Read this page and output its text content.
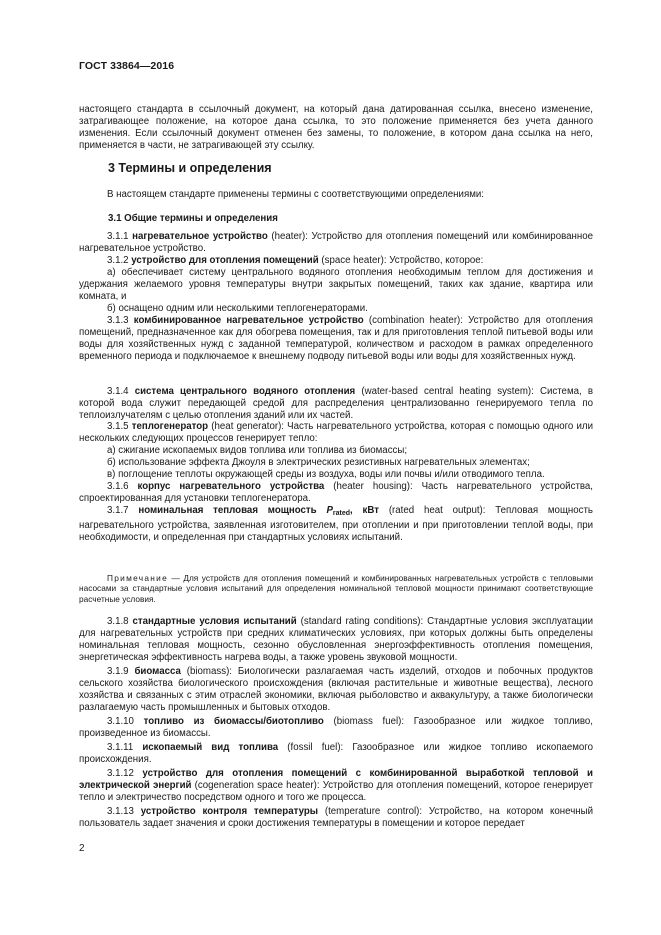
ГОСТ 33864—2016
настоящего стандарта в ссылочный документ, на который дана датированная ссылка, внесено изменение, затрагивающее положение, на которое дана ссылка, то это положение применяется без учета данного изменения. Если ссылочный документ отменен без замены, то положение, в котором дана ссылка на него, применяется в части, не затрагивающей эту ссылку.
3 Термины и определения
В настоящем стандарте применены термины с соответствующими определениями:
3.1 Общие термины и определения
3.1.1 нагревательное устройство (heater): Устройство для отопления помещений или комбинированное нагревательное устройство.
3.1.2 устройство для отопления помещений (space heater): Устройство, которое:
а) обеспечивает систему центрального водяного отопления необходимым теплом для достижения и удержания желаемого уровня температуры внутри закрытых помещений, таких как здание, квартира или комната, и
б) оснащено одним или несколькими теплогенераторами.
3.1.3 комбинированное нагревательное устройство (combination heater): Устройство для отопления помещений, предназначенное как для обогрева помещения, так и для приготовления теплой питьевой воды или воды для хозяйственных нужд с заданной температурой, количеством и расходом в рамках определенного временного периода и подключаемое к внешнему подводу питьевой воды или воды для хозяйственных нужд.
3.1.4 система центрального водяного отопления (water-based central heating system): Система, в которой вода служит передающей средой для распределения централизованно генерируемого тепла по теплоизлучателям с целью отопления зданий или их частей.
3.1.5 теплогенератор (heat generator): Часть нагревательного устройства, которая с помощью одного или нескольких следующих процессов генерирует тепло:
а) сжигание ископаемых видов топлива или топлива из биомассы;
б) использование эффекта Джоуля в электрических резистивных нагревательных элементах;
в) поглощение теплоты окружающей среды из воздуха, воды или почвы и/или отводимого тепла.
3.1.6 корпус нагревательного устройства (heater housing): Часть нагревательного устройства, спроектированная для установки теплогенератора.
3.1.7 номинальная тепловая мощность $P_{rated}$, кВт (rated heat output): Тепловая мощность нагревательного устройства, заявленная изготовителем, при отоплении и при приготовлении теплой воды, при необходимости, и определенная при стандартных условиях испытаний.
Примечание — Для устройств для отопления помещений и комбинированных нагревательных устройств с тепловыми насосами за стандартные условия испытаний для определения номинальной тепловой мощности принимают соответствующие расчетные условия.
3.1.8 стандартные условия испытаний (standard rating conditions): Стандартные условия эксплуатации для нагревательных устройств при средних климатических условиях, при которых должны быть определены номинальная тепловая мощность, сезонно обусловленная энергоэффективность отопления помещения, энергетическая эффективность нагрева воды, а также уровень звуковой мощности.
3.1.9 биомасса (biomass): Биологически разлагаемая часть изделий, отходов и побочных продуктов сельского хозяйства биологического происхождения (включая растительные и животные вещества), лесного хозяйства и связанных с этим отраслей экономики, включая рыболовство и аквакультуру, а также биологически разлагаемую часть промышленных и бытовых отходов.
3.1.10 топливо из биомассы/биотопливо (biomass fuel): Газообразное или жидкое топливо, произведенное из биомассы.
3.1.11 ископаемый вид топлива (fossil fuel): Газообразное или жидкое топливо ископаемого происхождения.
3.1.12 устройство для отопления помещений с комбинированной выработкой тепловой и электрической энергий (cogeneration space heater): Устройство для отопления помещений, которое генерирует тепло и электричество посредством одного и того же процесса.
3.1.13 устройство контроля температуры (temperature control): Устройство, на котором конечный пользователь задает значения и сроки достижения температуры в помещении и которое передает
2
